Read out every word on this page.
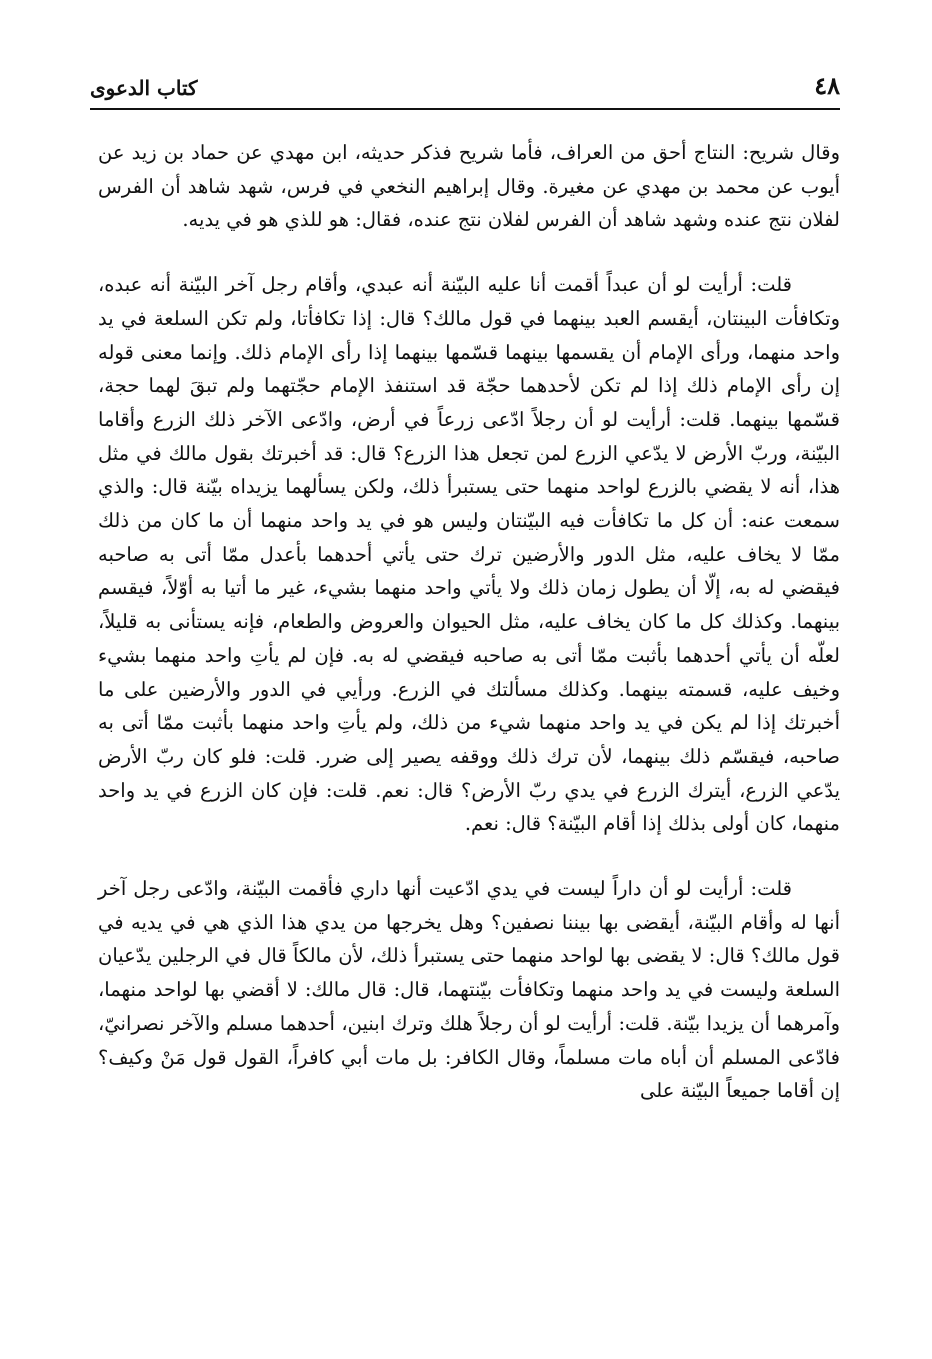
٤٨
كتاب الدعوى

وقال شريح: النتاج أحق من العراف، فأما شريح فذكر حديثه، ابن مهدي عن حماد بن زيد عن أيوب عن محمد بن مهدي عن مغيرة. وقال إبراهيم النخعي في فرس، شهد شاهد أن الفرس لفلان نتج عنده وشهد شاهد أن الفرس لفلان نتج عنده، فقال: هو للذي هو في يديه.

قلت: أرأيت لو أن عبداً أقمت أنا عليه البيّنة أنه عبدي، وأقام رجل آخر البيّنة أنه عبده، وتكافأت البينتان، أيقسم العبد بينهما في قول مالك؟ قال: إذا تكافأتا، ولم تكن السلعة في يد واحد منهما، ورأى الإمام أن يقسمها بينهما قسّمها بينهما إذا رأى الإمام ذلك. وإنما معنى قوله إن رأى الإمام ذلك إذا لم تكن لأحدهما حجّة قد استنفذ الإمام حجّتهما ولم تبقَ لهما حجة، قسّمها بينهما. قلت: أرأيت لو أن رجلاً ادّعى زرعاً في أرض، وادّعى الآخر ذلك الزرع وأقاما البيّنة، وربّ الأرض لا يدّعي الزرع لمن تجعل هذا الزرع؟ قال: قد أخبرتك بقول مالك في مثل هذا، أنه لا يقضي بالزرع لواحد منهما حتى يستبرأ ذلك، ولكن يسألهما يزيداه بيّنة قال: والذي سمعت عنه: أن كل ما تكافأت فيه البيّنتان وليس هو في يد واحد منهما أن ما كان من ذلك ممّا لا يخاف عليه، مثل الدور والأرضين ترك حتى يأتي أحدهما بأعدل ممّا أتى به صاحبه فيقضي له به، إلّا أن يطول زمان ذلك ولا يأتي واحد منهما بشيء، غير ما أتيا به أوّلاً، فيقسم بينهما. وكذلك كل ما كان يخاف عليه، مثل الحيوان والعروض والطعام، فإنه يستأنى به قليلاً، لعلّه أن يأتي أحدهما بأثبت ممّا أتى به صاحبه فيقضي له به. فإن لم يأتِ واحد منهما بشيء وخيف عليه، قسمته بينهما. وكذلك مسألتك في الزرع. ورأيي في الدور والأرضين على ما أخبرتك إذا لم يكن في يد واحد منهما شيء من ذلك، ولم يأتِ واحد منهما بأثبت ممّا أتى به صاحبه، فيقسّم ذلك بينهما، لأن ترك ذلك ووقفه يصير إلى ضرر. قلت: فلو كان ربّ الأرض يدّعي الزرع، أيترك الزرع في يدي ربّ الأرض؟ قال: نعم. قلت: فإن كان الزرع في يد واحد منهما، كان أولى بذلك إذا أقام البيّنة؟ قال: نعم.

قلت: أرأيت لو أن داراً ليست في يدي ادّعيت أنها داري فأقمت البيّنة، وادّعى رجل آخر أنها له وأقام البيّنة، أيقضى بها بيننا نصفين؟ وهل يخرجها من يدي هذا الذي هي في يديه في قول مالك؟ قال: لا يقضى بها لواحد منهما حتى يستبرأ ذلك، لأن مالكاً قال في الرجلين يدّعيان السلعة وليست في يد واحد منهما وتكافأت بيّنتهما، قال: قال مالك: لا أقضي بها لواحد منهما، وآمرهما أن يزيدا بيّنة. قلت: أرأيت لو أن رجلاً هلك وترك ابنين، أحدهما مسلم والآخر نصرانيّ، فادّعى المسلم أن أباه مات مسلماً، وقال الكافر: بل مات أبي كافراً، القول قول مَنْ وكيف؟ إن أقاما جميعاً البيّنة على
